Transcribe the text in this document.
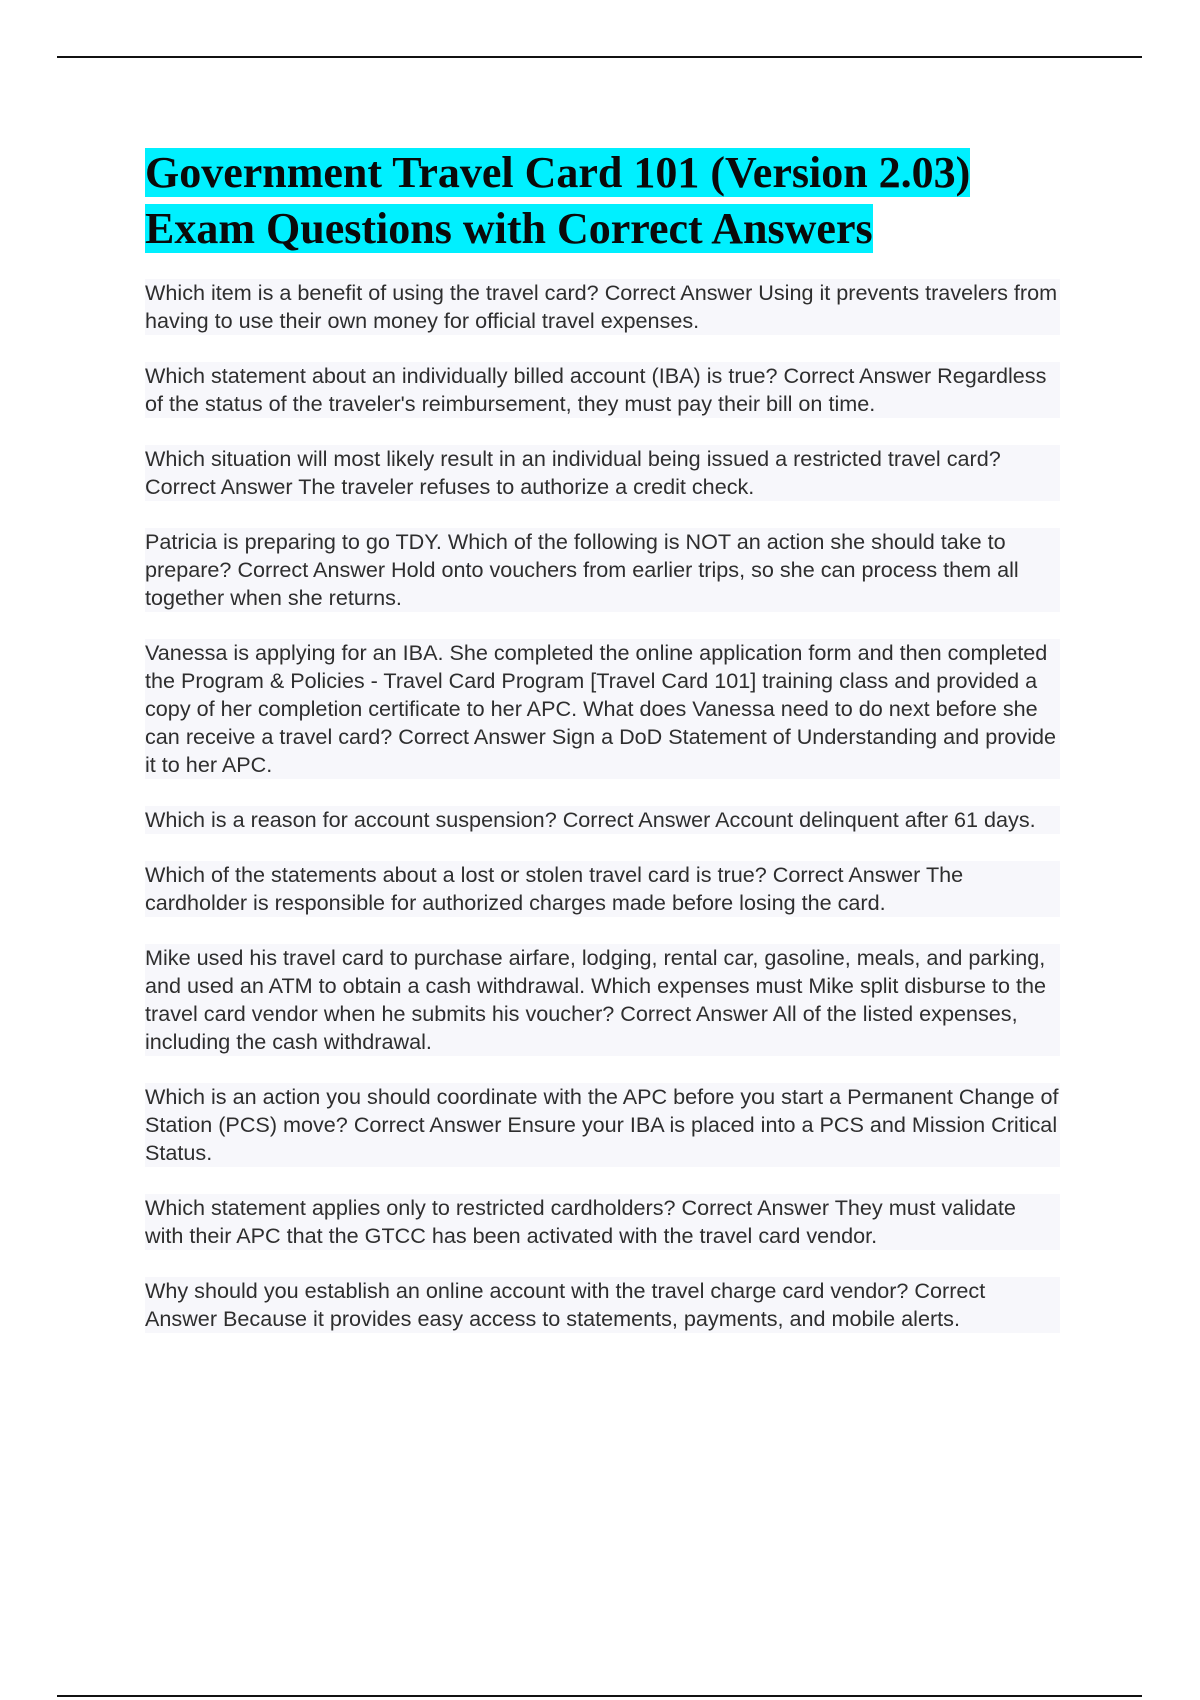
Government Travel Card 101 (Version 2.03)
Exam Questions with Correct Answers

Which item is a benefit of using the travel card? Correct Answer Using it prevents travelers from having to use their own money for official travel expenses.

Which statement about an individually billed account (IBA) is true? Correct Answer Regardless of the status of the traveler's reimbursement, they must pay their bill on time.

Which situation will most likely result in an individual being issued a restricted travel card? Correct Answer The traveler refuses to authorize a credit check.

Patricia is preparing to go TDY. Which of the following is NOT an action she should take to prepare? Correct Answer Hold onto vouchers from earlier trips, so she can process them all together when she returns.

Vanessa is applying for an IBA. She completed the online application form and then completed the Program & Policies - Travel Card Program [Travel Card 101] training class and provided a copy of her completion certificate to her APC. What does Vanessa need to do next before she can receive a travel card? Correct Answer Sign a DoD Statement of Understanding and provide it to her APC.

Which is a reason for account suspension? Correct Answer Account delinquent after 61 days.

Which of the statements about a lost or stolen travel card is true? Correct Answer The cardholder is responsible for authorized charges made before losing the card.

Mike used his travel card to purchase airfare, lodging, rental car, gasoline, meals, and parking, and used an ATM to obtain a cash withdrawal. Which expenses must Mike split disburse to the travel card vendor when he submits his voucher? Correct Answer All of the listed expenses, including the cash withdrawal.

Which is an action you should coordinate with the APC before you start a Permanent Change of Station (PCS) move? Correct Answer Ensure your IBA is placed into a PCS and Mission Critical Status.

Which statement applies only to restricted cardholders? Correct Answer They must validate with their APC that the GTCC has been activated with the travel card vendor.

Why should you establish an online account with the travel charge card vendor? Correct Answer Because it provides easy access to statements, payments, and mobile alerts.
